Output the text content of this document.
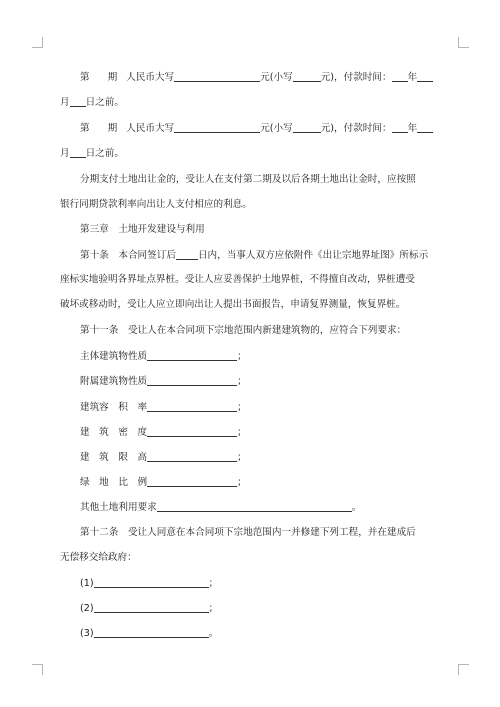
第 期 人民币大写	元(小写	元)，付款时间： 年
月 日之前。
第 期 人民币大写	元(小写	元)，付款时间： 年
月 日之前。
分期支付土地出让金的，受让人在支付第二期及以后各期土地出让金时，应按照
银行同期贷款利率向出让人支付相应的利息。
第三章　土地开发建设与利用
第十条　本合同签订后 日内，当事人双方应依附件《出让宗地界址图》所标示
座标实地验明各界址点界桩。受让人应妥善保护土地界桩，不得擅自改动，界桩遭受
破坏或移动时，受让人应立即向出让人提出书面报告，申请复界测量，恢复界桩。
第十一条　受让人在本合同项下宗地范围内新建建筑物的，应符合下列要求：
主体建筑物性质	；
附属建筑物性质	；
建筑容　积　率	；
建　筑　密　度	；
建　筑　限　高	；
绿　地　比　例	；
其他土地利用要求	。
第十二条　受让人同意在本合同项下宗地范围内一并修建下列工程，并在建成后
无偿移交给政府：
(1)	；
(2)	；
(3)	。
